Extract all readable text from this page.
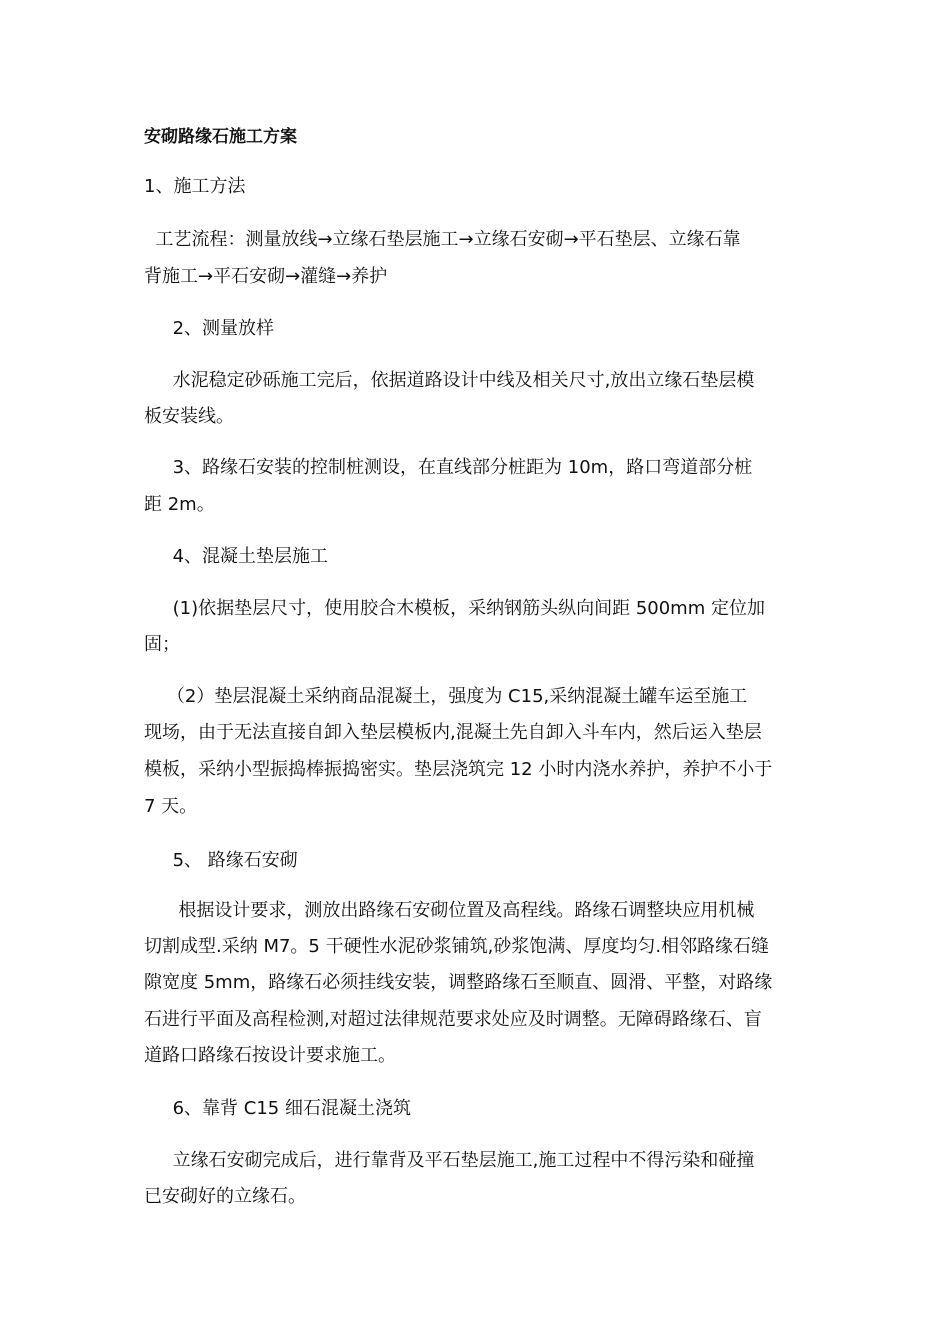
安砌路缘石施工方案
1、施工方法
工艺流程：测量放线→立缘石垫层施工→立缘石安砌→平石垫层、立缘石靠
背施工→平石安砌→灌缝→养护
2、测量放样
水泥稳定砂砾施工完后，依据道路设计中线及相关尺寸,放出立缘石垫层模
板安装线。
3、路缘石安装的控制桩测设，在直线部分桩距为 10m，路口弯道部分桩
距 2m。
4、混凝土垫层施工
(1)依据垫层尺寸，使用胶合木模板，采纳钢筋头纵向间距 500mm 定位加
固；
（2）垫层混凝土采纳商品混凝土，强度为 C15,采纳混凝土罐车运至施工
现场，由于无法直接自卸入垫层模板内,混凝土先自卸入斗车内，然后运入垫层
模板，采纳小型振捣棒振捣密实。垫层浇筑完 12 小时内浇水养护，养护不小于
7 天。
5、 路缘石安砌
根据设计要求，测放出路缘石安砌位置及高程线。路缘石调整块应用机械
切割成型.采纳 M7。5 干硬性水泥砂浆铺筑,砂浆饱满、厚度均匀.相邻路缘石缝
隙宽度 5mm，路缘石必须挂线安装，调整路缘石至顺直、圆滑、平整，对路缘
石进行平面及高程检测,对超过法律规范要求处应及时调整。无障碍路缘石、盲
道路口路缘石按设计要求施工。
6、靠背 C15 细石混凝土浇筑
立缘石安砌完成后，进行靠背及平石垫层施工,施工过程中不得污染和碰撞
已安砌好的立缘石。
